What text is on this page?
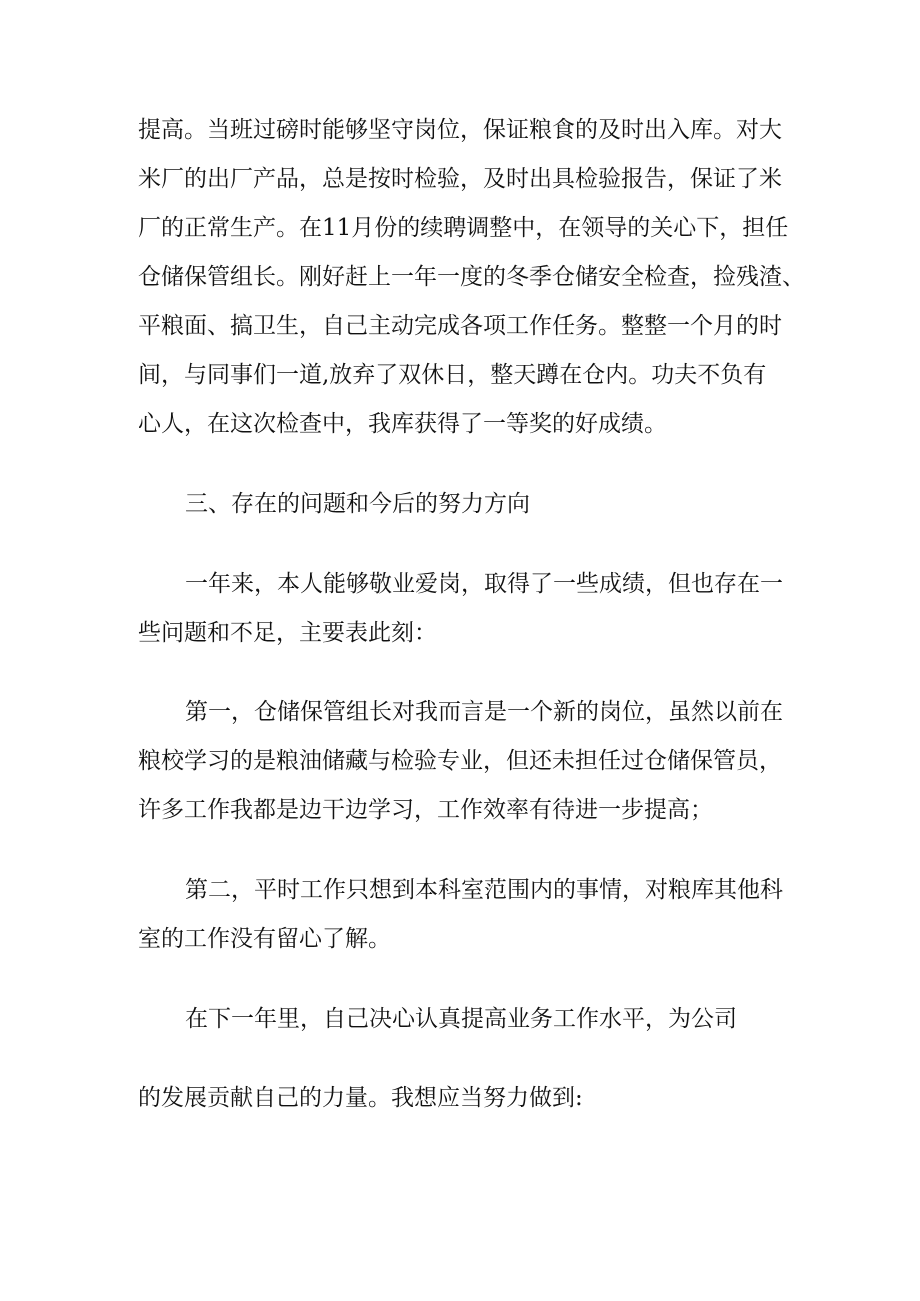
提高。当班过磅时能够坚守岗位，保证粮食的及时出入库。对大
米厂的出厂产品，总是按时检验，及时出具检验报告，保证了米
厂的正常生产。在11月份的续聘调整中，在领导的关心下，担任
仓储保管组长。刚好赶上一年一度的冬季仓储安全检查，捡残渣、
平粮面、搞卫生，自己主动完成各项工作任务。整整一个月的时
间，与同事们一道,放弃了双休日，整天蹲在仓内。功夫不负有
心人，在这次检查中，我库获得了一等奖的好成绩。
三、存在的问题和今后的努力方向
一年来，本人能够敬业爱岗，取得了一些成绩，但也存在一
些问题和不足，主要表此刻：
第一，仓储保管组长对我而言是一个新的岗位，虽然以前在
粮校学习的是粮油储藏与检验专业，但还未担任过仓储保管员，
许多工作我都是边干边学习，工作效率有待进一步提高；
第二，平时工作只想到本科室范围内的事情，对粮库其他科
室的工作没有留心了解。
在下一年里，自己决心认真提高业务工作水平，为公司
的发展贡献自己的力量。我想应当努力做到:
